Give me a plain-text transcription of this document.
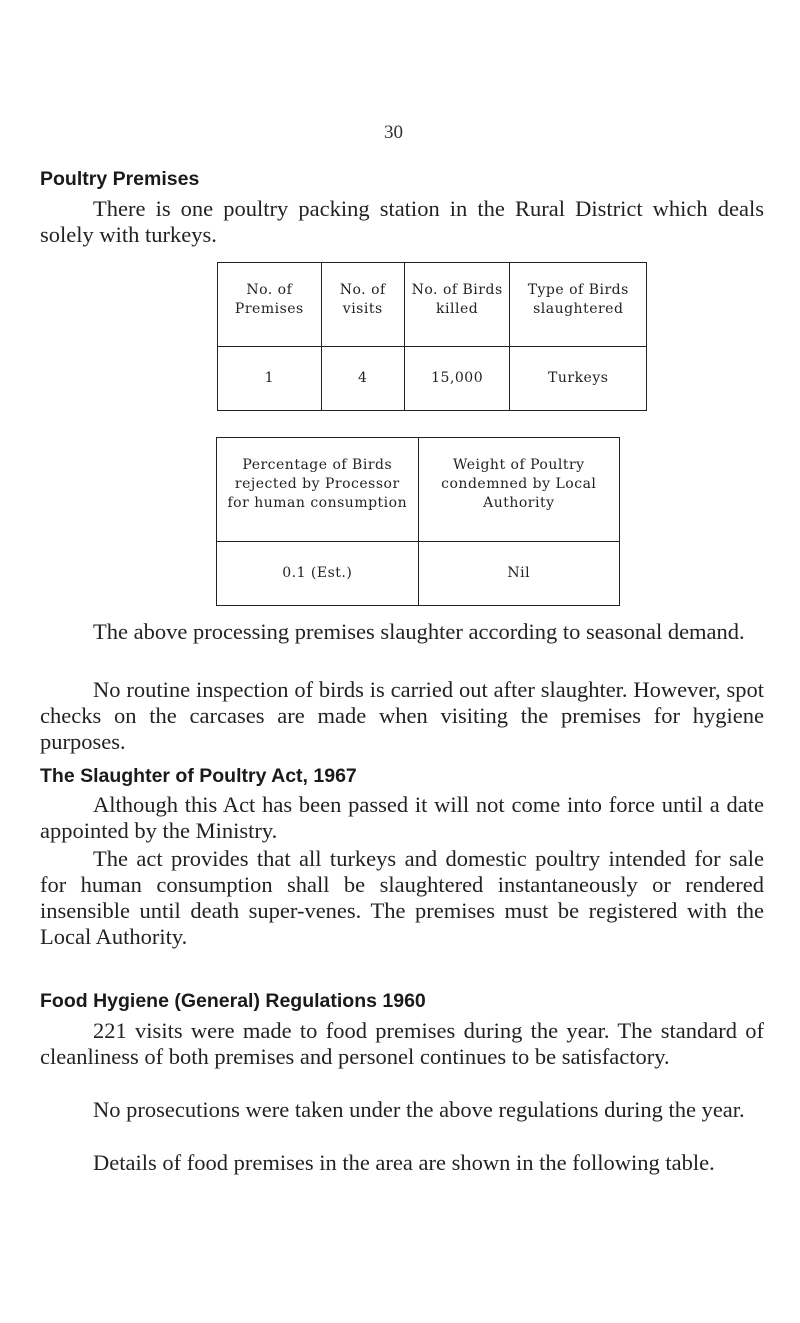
30
Poultry Premises

There is one poultry packing station in the Rural District which deals solely with turkeys.

No. of Premises	No. of visits	No. of Birds killed	Type of Birds slaughtered
1	4	15,000	Turkeys
Percentage of Birds rejected by Processor for human consumption	Weight of Poultry condemned by Local Authority
0.1 (Est.)	Nil

The above processing premises slaughter according to seasonal demand.

No routine inspection of birds is carried out after slaughter. However, spot checks on the carcases are made when visiting the premises for hygiene purposes.

The Slaughter of Poultry Act, 1967

Although this Act has been passed it will not come into force until a date appointed by the Ministry.

The act provides that all turkeys and domestic poultry intended for sale for human consumption shall be slaughtered instantaneously or rendered insensible until death super-venes. The premises must be registered with the Local Authority.

Food Hygiene (General) Regulations 1960

221 visits were made to food premises during the year. The standard of cleanliness of both premises and personel continues to be satisfactory.

No prosecutions were taken under the above regulations during the year.

Details of food premises in the area are shown in the following table.
